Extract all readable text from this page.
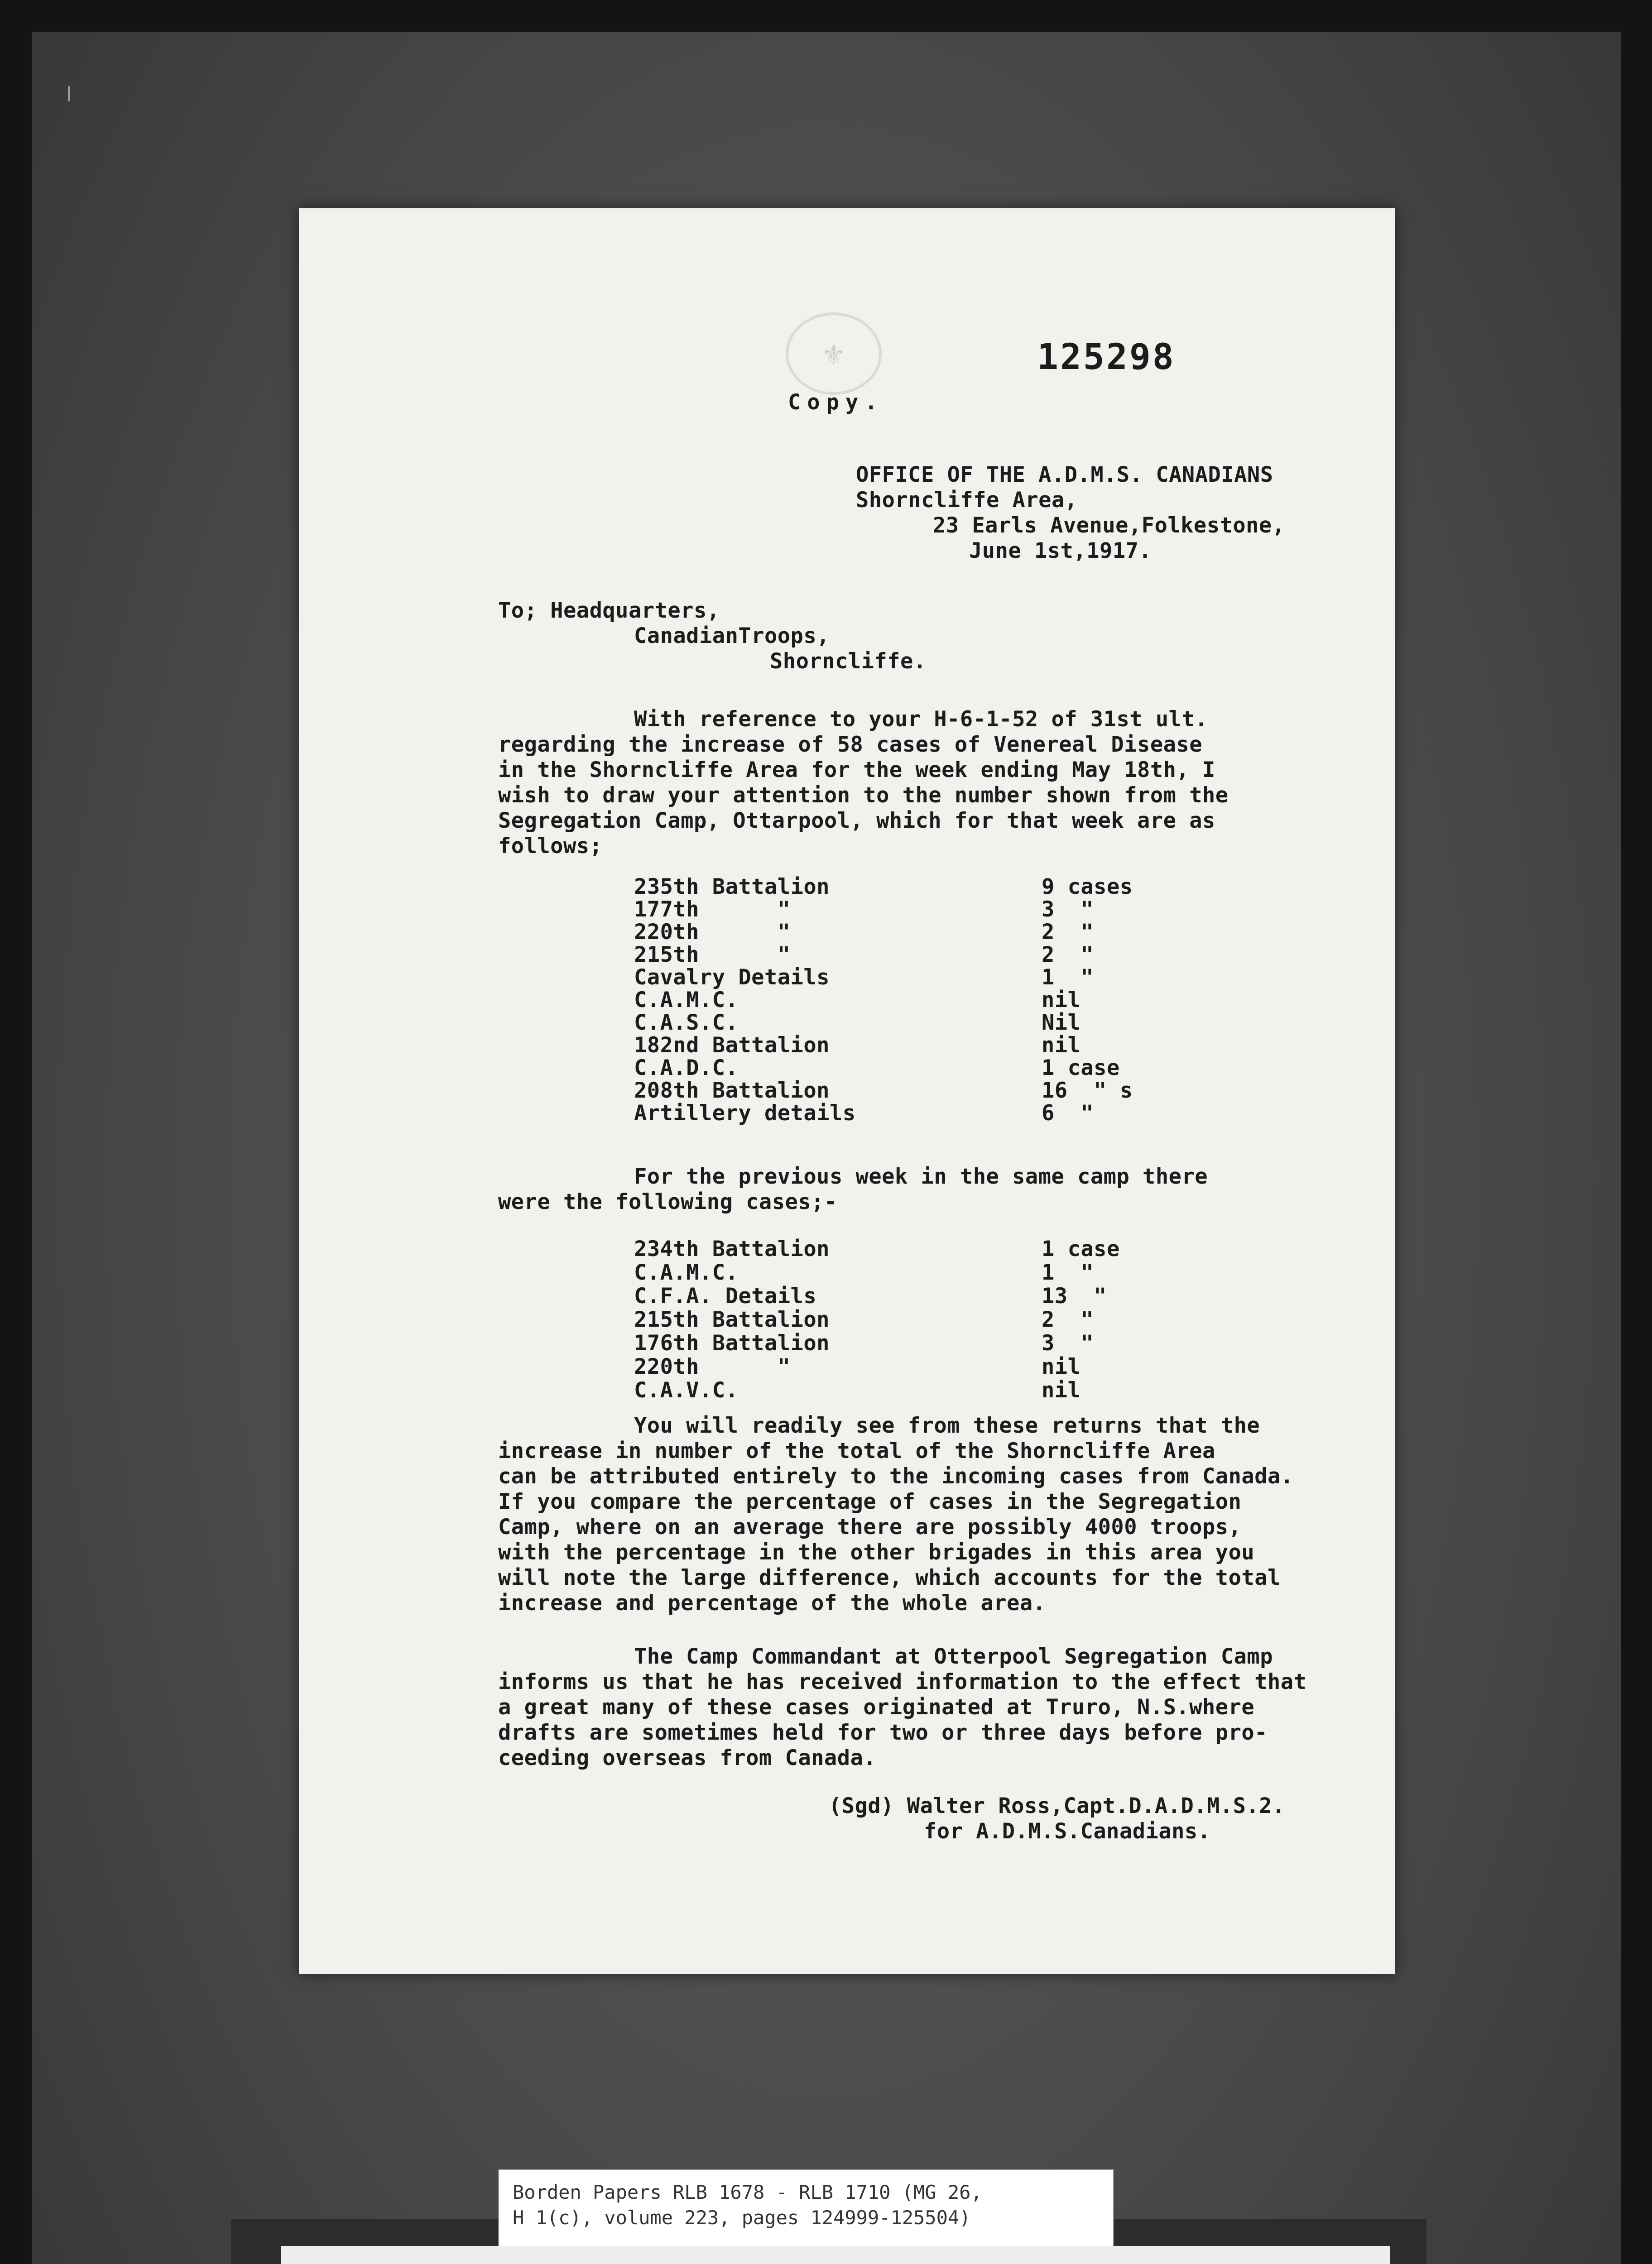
⚜	125298
Copy.
OFFICE OF THE A.D.M.S. CANADIANS
Shorncliffe Area,
23 Earls Avenue,Folkestone,
June 1st,1917.
To; Headquarters,
CanadianTroops,
Shorncliffe.
With reference to your H-6-1-52 of 31st ult.
regarding the increase of 58 cases of Venereal Disease
in the Shorncliffe Area for the week ending May 18th, I
wish to draw your attention to the number shown from the
Segregation Camp, Ottarpool, which for that week are as
follows;
235th Battalion	9 cases
177th      "	3  "
220th      "	2  "
215th      "	2  "
Cavalry Details	1  "
C.A.M.C.	nil
C.A.S.C.	Nil
182nd Battalion	nil
C.A.D.C.	1 case
208th Battalion	16  " s
Artillery details	6  "
For the previous week in the same camp there
were the following cases;-
234th Battalion	1 case
C.A.M.C.	1  "
C.F.A. Details	13  "
215th Battalion	2  "
176th Battalion	3  "
220th      "	nil
C.A.V.C.	nil
You will readily see from these returns that the
increase in number of the total of the Shorncliffe Area
can be attributed entirely to the incoming cases from Canada.
If you compare the percentage of cases in the Segregation
Camp, where on an average there are possibly 4000 troops,
with the percentage in the other brigades in this area you
will note the large difference, which accounts for the total
increase and percentage of the whole area.
The Camp Commandant at Otterpool Segregation Camp
informs us that he has received information to the effect that
a great many of these cases originated at Truro, N.S.where
drafts are sometimes held for two or three days before pro-
ceeding overseas from Canada.
(Sgd) Walter Ross,Capt.D.A.D.M.S.2.
for A.D.M.S.Canadians.
Borden Papers RLB 1678 - RLB 1710 (MG 26,
H 1(c), volume 223, pages 124999-125504)
